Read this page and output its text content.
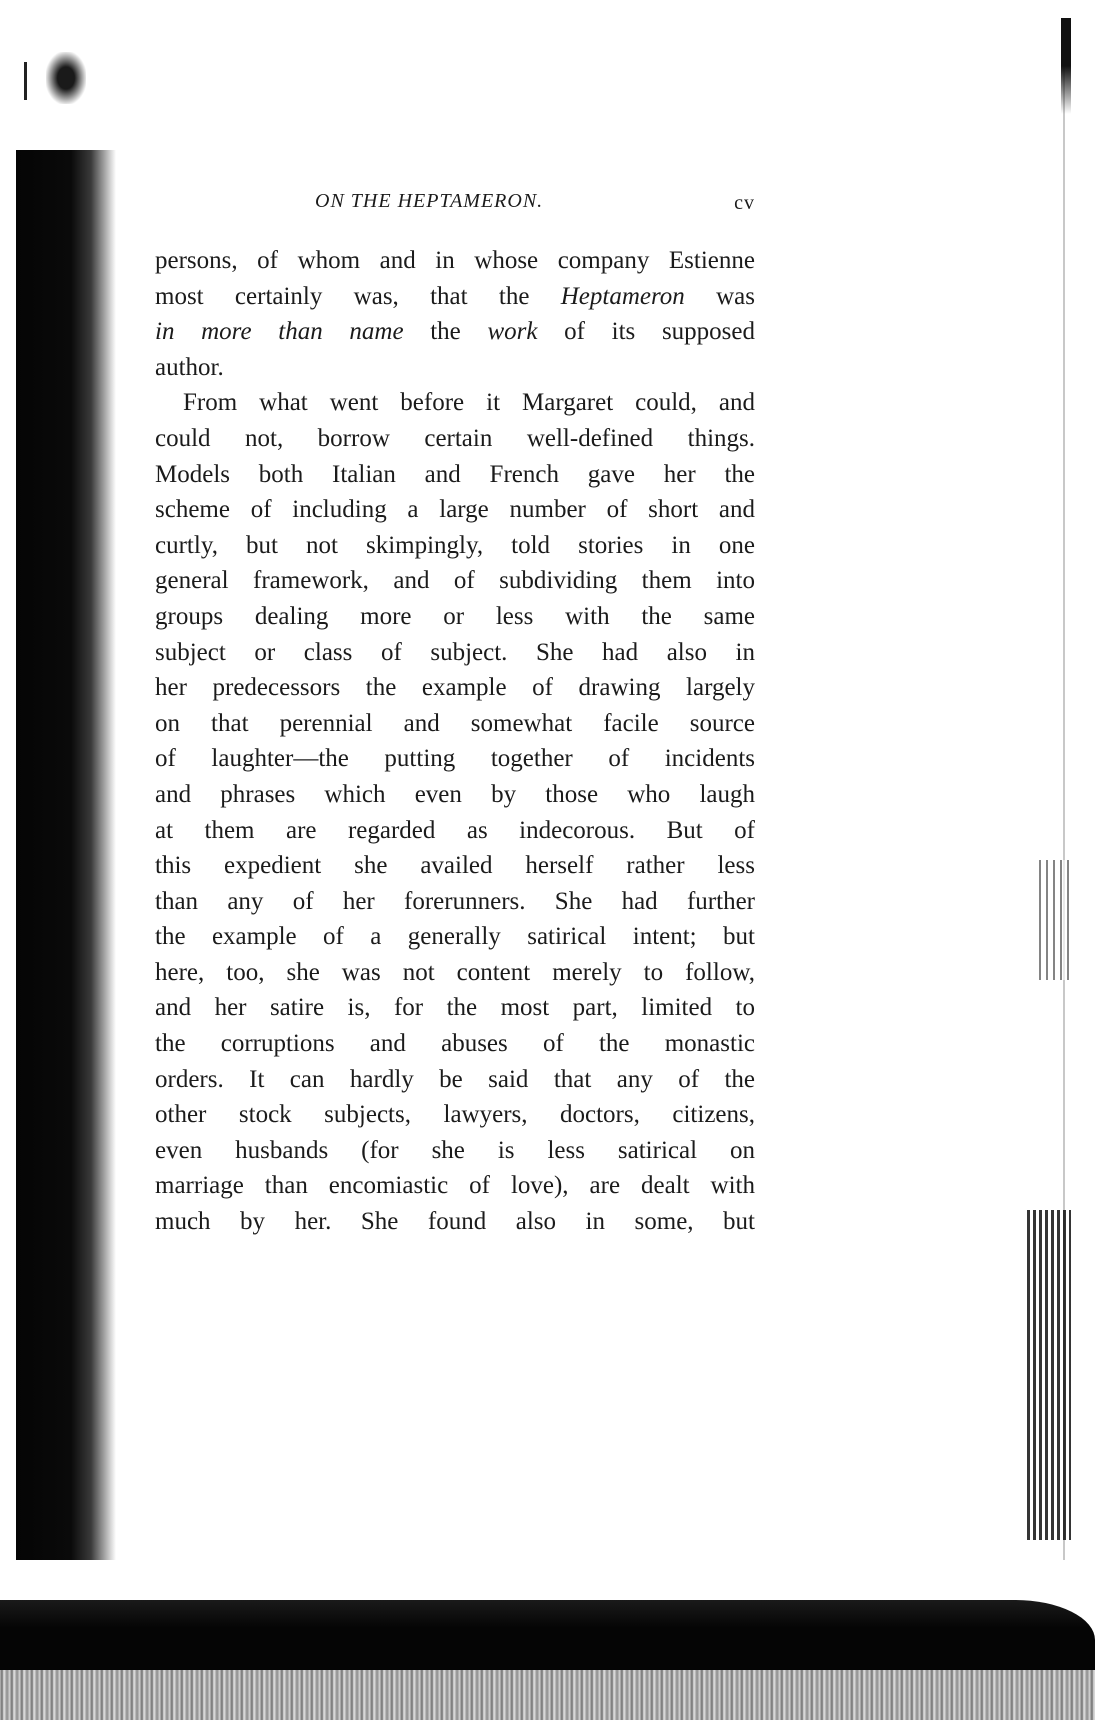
ON THE HEPTAMERON.	cv
persons, of whom and in whose company Estienne
most certainly was, that the Heptameron was
in more than name the work of its supposed
author.
From what went before it Margaret could, and
could not, borrow certain well-defined things.
Models both Italian and French gave her the
scheme of including a large number of short and
curtly, but not skimpingly, told stories in one
general framework, and of subdividing them into
groups dealing more or less with the same
subject or class of subject. She had also in
her predecessors the example of drawing largely
on that perennial and somewhat facile source
of laughter—the putting together of incidents
and phrases which even by those who laugh
at them are regarded as indecorous. But of
this expedient she availed herself rather less
than any of her forerunners. She had further
the example of a generally satirical intent; but
here, too, she was not content merely to follow,
and her satire is, for the most part, limited to
the corruptions and abuses of the monastic
orders. It can hardly be said that any of the
other stock subjects, lawyers, doctors, citizens,
even husbands (for she is less satirical on
marriage than encomiastic of love), are dealt with
much by her. She found also in some, but
